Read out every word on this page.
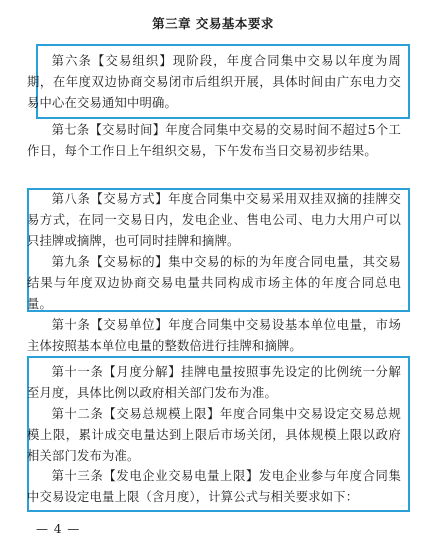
第三章 交易基本要求
第六条【交易组织】现阶段，年度合同集中交易以年度为周期，在年度双边协商交易闭市后组织开展，具体时间由广东电力交易中心在交易通知中明确。
第七条【交易时间】年度合同集中交易的交易时间不超过5个工作日，每个工作日上午组织交易，下午发布当日交易初步结果。
第八条【交易方式】年度合同集中交易采用双挂双摘的挂牌交易方式，在同一交易日内，发电企业、售电公司、电力大用户可以只挂牌或摘牌，也可同时挂牌和摘牌。
第九条【交易标的】集中交易的标的为年度合同电量，其交易结果与年度双边协商交易电量共同构成市场主体的年度合同总电量。
第十条【交易单位】年度合同集中交易设基本单位电量，市场主体按照基本单位电量的整数倍进行挂牌和摘牌。
第十一条【月度分解】挂牌电量按照事先设定的比例统一分解至月度，具体比例以政府相关部门发布为准。
第十二条【交易总规模上限】年度合同集中交易设定交易总规模上限，累计成交电量达到上限后市场关闭，具体规模上限以政府相关部门发布为准。
第十三条【发电企业交易电量上限】发电企业参与年度合同集中交易设定电量上限（含月度），计算公式与相关要求如下：
— 4 —
